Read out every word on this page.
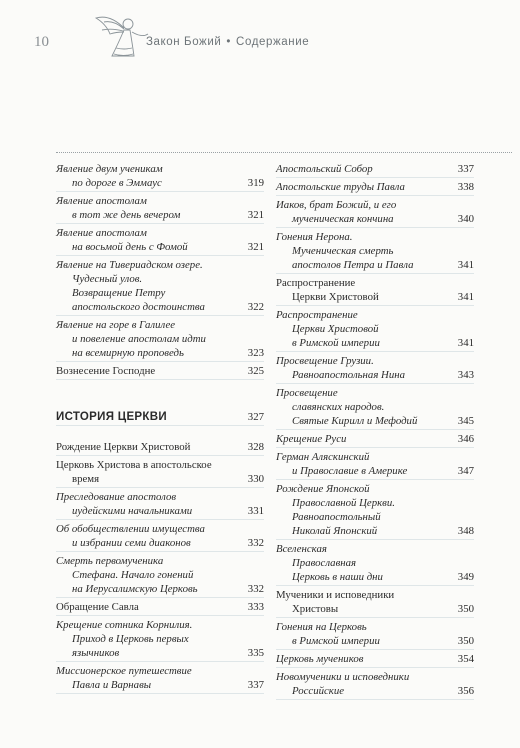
10	Закон Божий • Содержание
Явление двум ученикам
по дороге в Эммаус	319
Явление апостолам
в тот же день вечером	321
Явление апостолам
на восьмой день с Фомой	321
Явление на Тивериадском озере.
Чудесный улов.
Возвращение Петру
апостольского достоинства	322
Явление на горе в Галилее
и повеление апостолам идти
на всемирную проповедь	323
Вознесение Господне	325
ИСТОРИЯ ЦЕРКВИ	327
Рождение Церкви Христовой	328
Церковь Христова в апостольское
время	330
Преследование апостолов
иудейскими начальниками	331
Об обобществлении имущества
и избрании семи диаконов	332
Смерть первомученика
Стефана. Начало гонений
на Иерусалимскую Церковь	332
Обращение Савла	333
Крещение сотника Корнилия.
Приход в Церковь первых
язычников	335
Миссионерское путешествие
Павла и Варнавы	337
Апостольский Собор	337
Апостольские труды Павла	338
Иаков, брат Божий, и его
мученическая кончина	340
Гонения Нерона.
Мученическая смерть
апостолов Петра и Павла	341
Распространение
Церкви Христовой	341
Распространение
Церкви Христовой
в Римской империи	341
Просвещение Грузии.
Равноапостольная Нина	343
Просвещение
славянских народов.
Святые Кирилл и Мефодий	345
Крещение Руси	346
Герман Аляскинский
и Православие в Америке	347
Рождение Японской
Православной Церкви.
Равноапостольный
Николай Японский	348
Вселенская
Православная
Церковь в наши дни	349
Мученики и исповедники
Христовы	350
Гонения на Церковь
в Римской империи	350
Церковь мучеников	354
Новомученики и исповедники
Российские	356
